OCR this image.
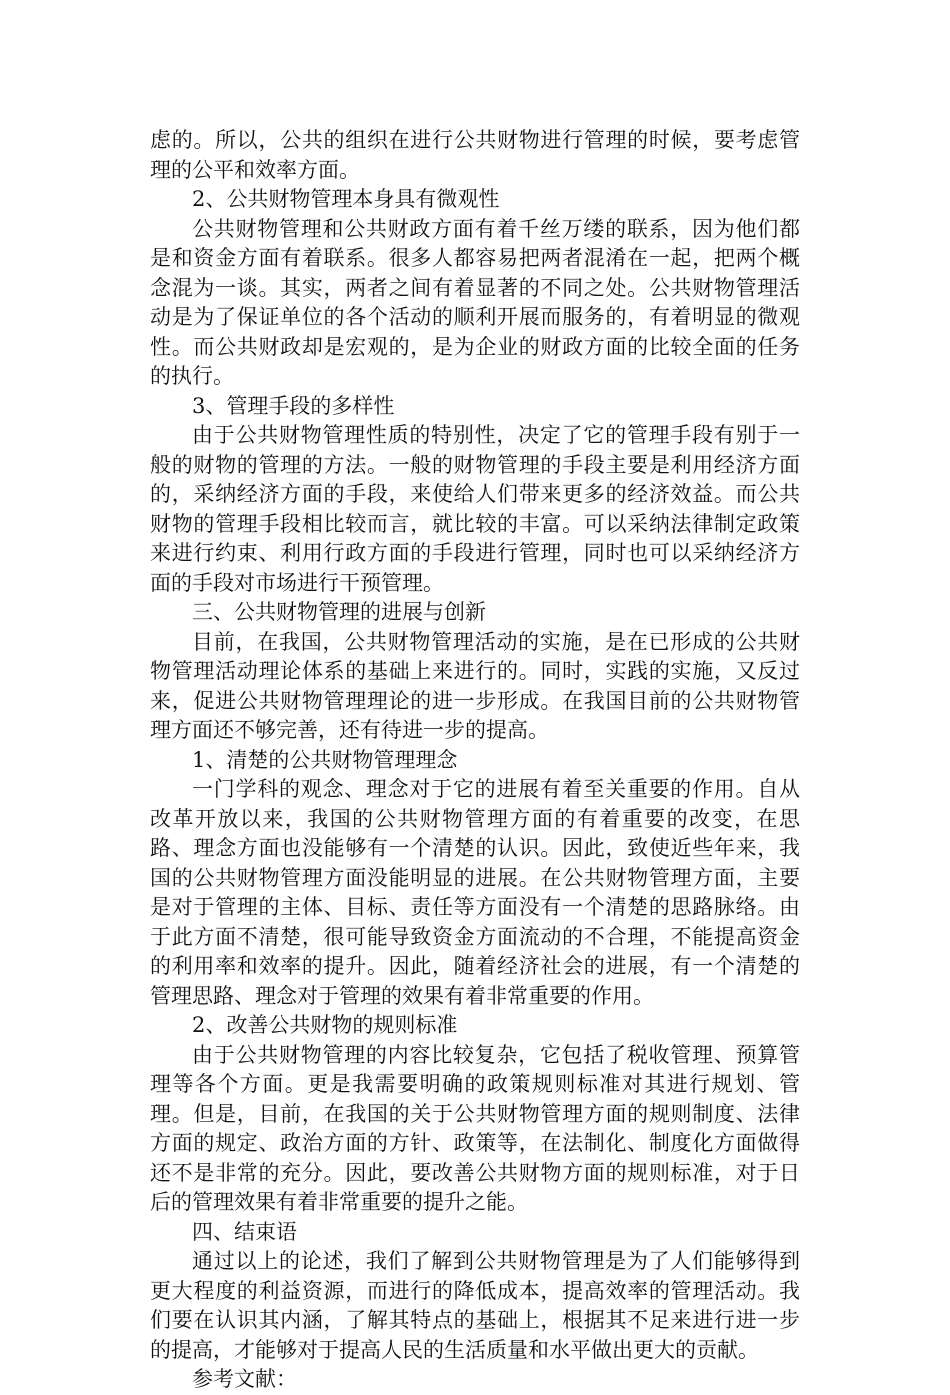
虑的。所以，公共的组织在进行公共财物进行管理的时候，要考虑管理的公平和效率方面。

2、公共财物管理本身具有微观性

公共财物管理和公共财政方面有着千丝万缕的联系，因为他们都是和资金方面有着联系。很多人都容易把两者混淆在一起，把两个概念混为一谈。其实，两者之间有着显著的不同之处。公共财物管理活动是为了保证单位的各个活动的顺利开展而服务的，有着明显的微观性。而公共财政却是宏观的，是为企业的财政方面的比较全面的任务的执行。

3、管理手段的多样性

由于公共财物管理性质的特别性，决定了它的管理手段有别于一般的财物的管理的方法。一般的财物管理的手段主要是利用经济方面的，采纳经济方面的手段，来使给人们带来更多的经济效益。而公共财物的管理手段相比较而言，就比较的丰富。可以采纳法律制定政策来进行约束、利用行政方面的手段进行管理，同时也可以采纳经济方面的手段对市场进行干预管理。

三、公共财物管理的进展与创新

目前，在我国，公共财物管理活动的实施，是在已形成的公共财物管理活动理论体系的基础上来进行的。同时，实践的实施，又反过来，促进公共财物管理理论的进一步形成。在我国目前的公共财物管理方面还不够完善，还有待进一步的提高。

1、清楚的公共财物管理理念

一门学科的观念、理念对于它的进展有着至关重要的作用。自从改革开放以来，我国的公共财物管理方面的有着重要的改变，在思路、理念方面也没能够有一个清楚的认识。因此，致使近些年来，我国的公共财物管理方面没能明显的进展。在公共财物管理方面，主要是对于管理的主体、目标、责任等方面没有一个清楚的思路脉络。由于此方面不清楚，很可能导致资金方面流动的不合理，不能提高资金的利用率和效率的提升。因此，随着经济社会的进展，有一个清楚的管理思路、理念对于管理的效果有着非常重要的作用。

2、改善公共财物的规则标准

由于公共财物管理的内容比较复杂，它包括了税收管理、预算管理等各个方面。更是我需要明确的政策规则标准对其进行规划、管理。但是，目前，在我国的关于公共财物管理方面的规则制度、法律方面的规定、政治方面的方针、政策等，在法制化、制度化方面做得还不是非常的充分。因此，要改善公共财物方面的规则标准，对于日后的管理效果有着非常重要的提升之能。

四、结束语

通过以上的论述，我们了解到公共财物管理是为了人们能够得到更大程度的利益资源，而进行的降低成本，提高效率的管理活动。我们要在认识其内涵，了解其特点的基础上，根据其不足来进行进一步的提高，才能够对于提高人民的生活质量和水平做出更大的贡献。

参考文献：
